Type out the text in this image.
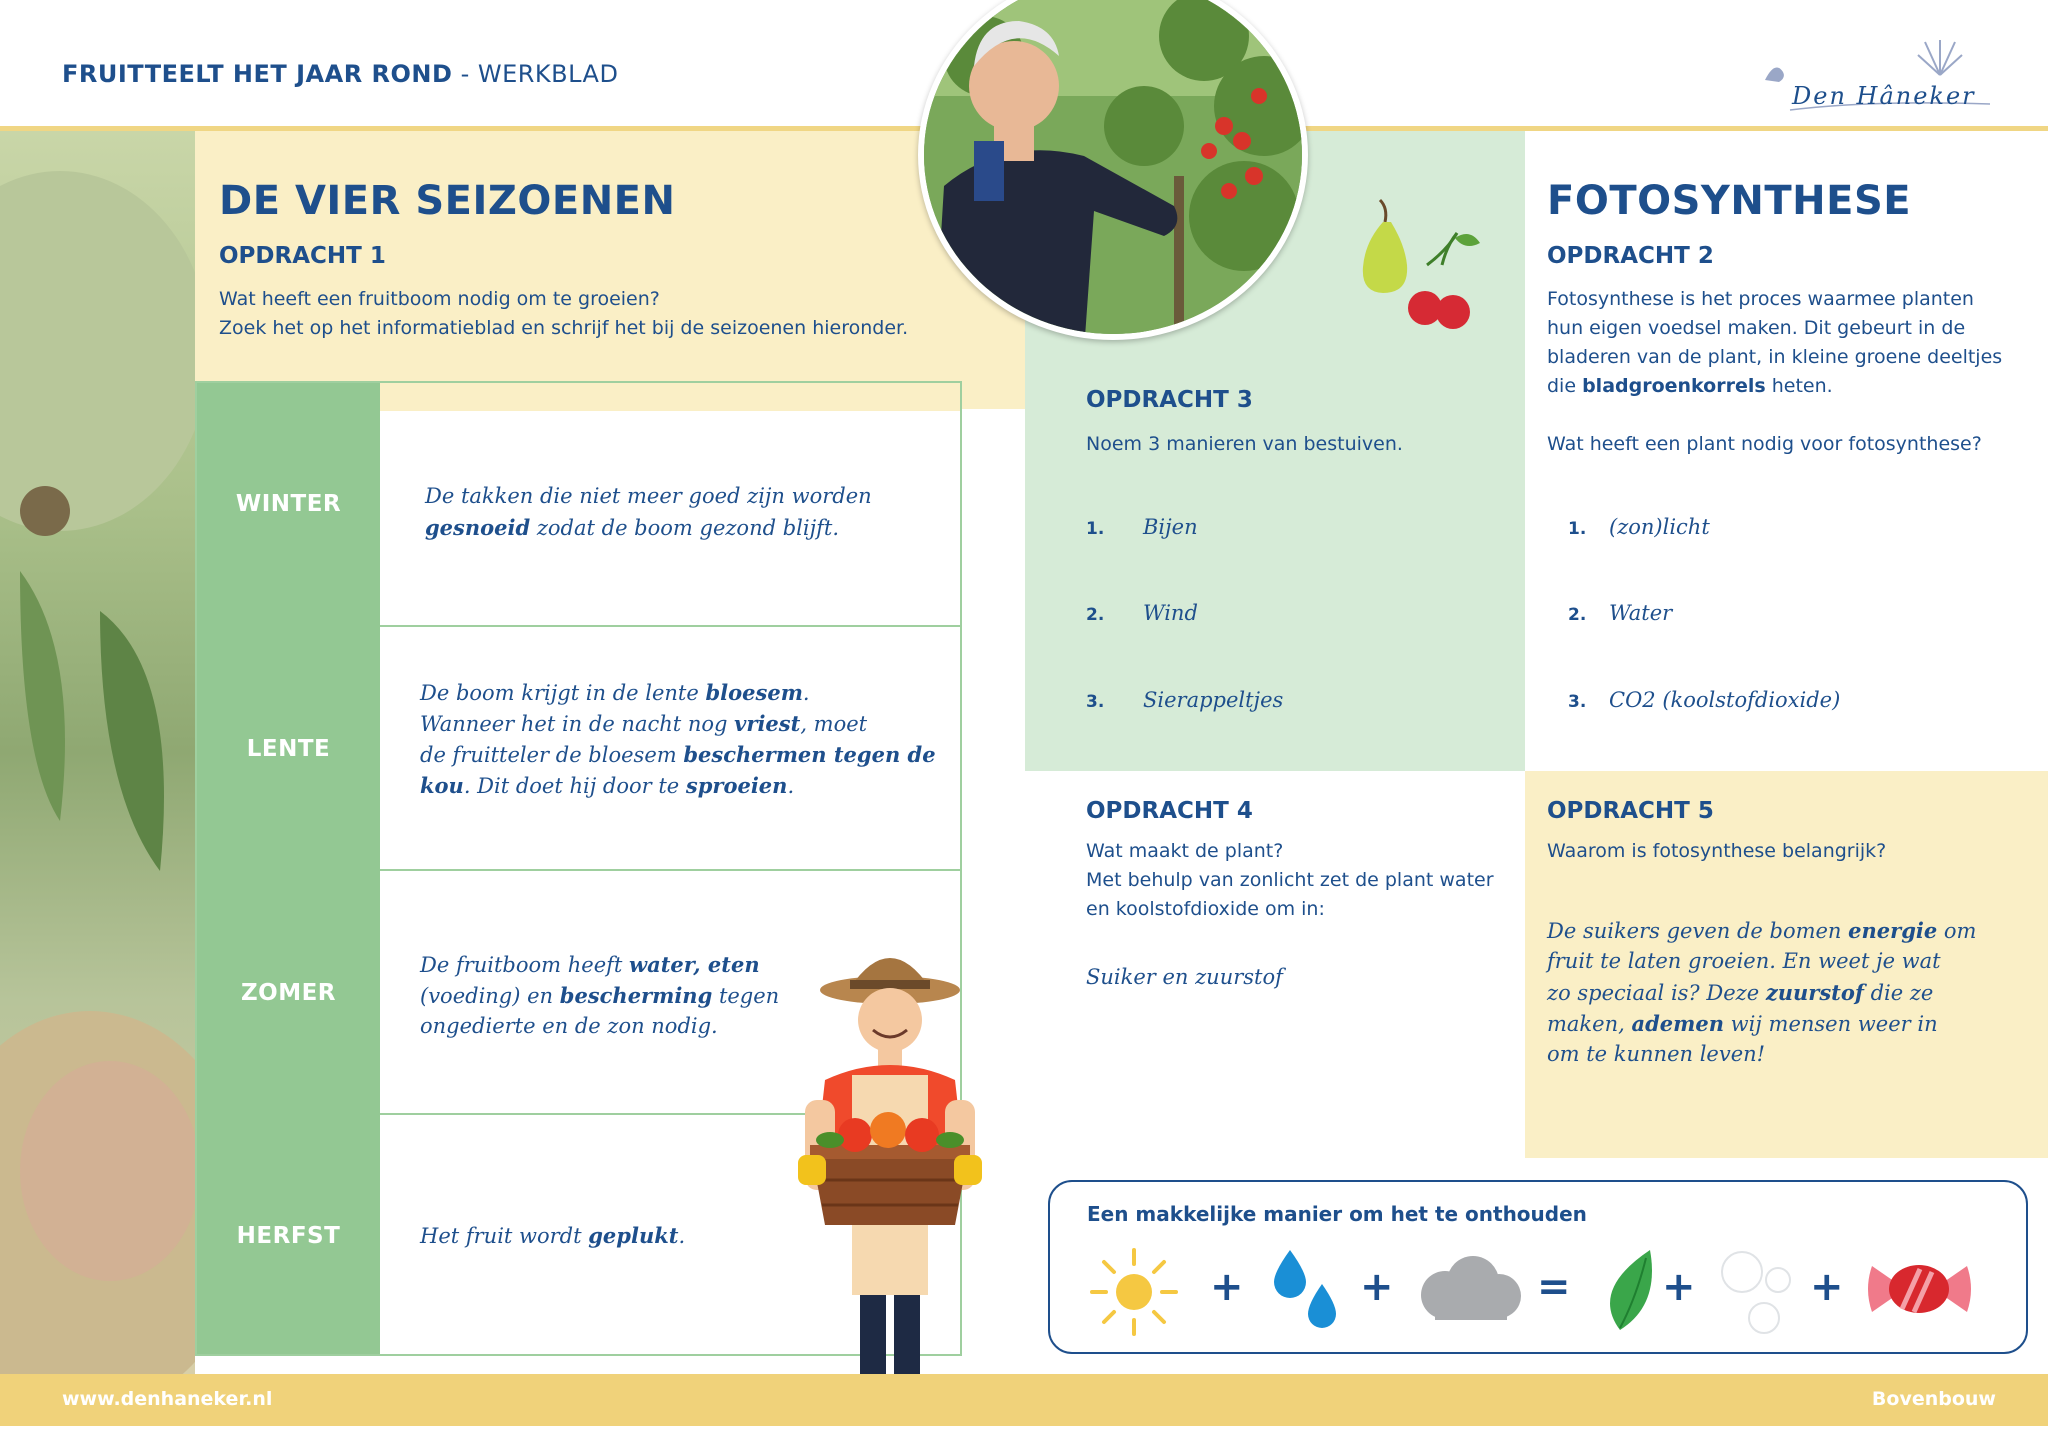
FRUITTEELT HET JAAR ROND - WERKBLAD
Den Hâneker
DE VIER SEIZOENEN
OPDRACHT 1
Wat heeft een fruitboom nodig om te groeien?
Zoek het op het informatieblad en schrijf het bij de seizoenen hieronder.
De takken die niet meer goed zijn worden
gesnoeid zodat de boom gezond blijft.
WINTER
De boom krijgt in de lente bloesem.
Wanneer het in de nacht nog vriest, moet
de fruitteler de bloesem beschermen tegen de
kou. Dit doet hij door te sproeien.
LENTE
De fruitboom heeft water, eten
(voeding) en bescherming tegen
ongedierte en de zon nodig.
ZOMER
Het fruit wordt geplukt.
HERFST
OPDRACHT 3
Noem 3 manieren van bestuiven.
1. Bijen
2. Wind
3. Sierappeltjes
FOTOSYNTHESE
OPDRACHT 2
Fotosynthese is het proces waarmee planten
hun eigen voedsel maken. Dit gebeurt in de
bladeren van de plant, in kleine groene deeltjes
die bladgroenkorrels heten.
Wat heeft een plant nodig voor fotosynthese?
1. (zon)licht
2. Water
3. CO2 (koolstofdioxide)
OPDRACHT 4
Wat maakt de plant?
Met behulp van zonlicht zet de plant water
en koolstofdioxide om in:
Suiker en zuurstof
OPDRACHT 5
Waarom is fotosynthese belangrijk?
De suikers geven de bomen energie om
fruit te laten groeien. En weet je wat
zo speciaal is? Deze zuurstof die ze
maken, ademen wij mensen weer in
om te kunnen leven!
Een makkelijke manier om het te onthouden
+	+	= +	+
www.denhaneker.nl	Bovenbouw
